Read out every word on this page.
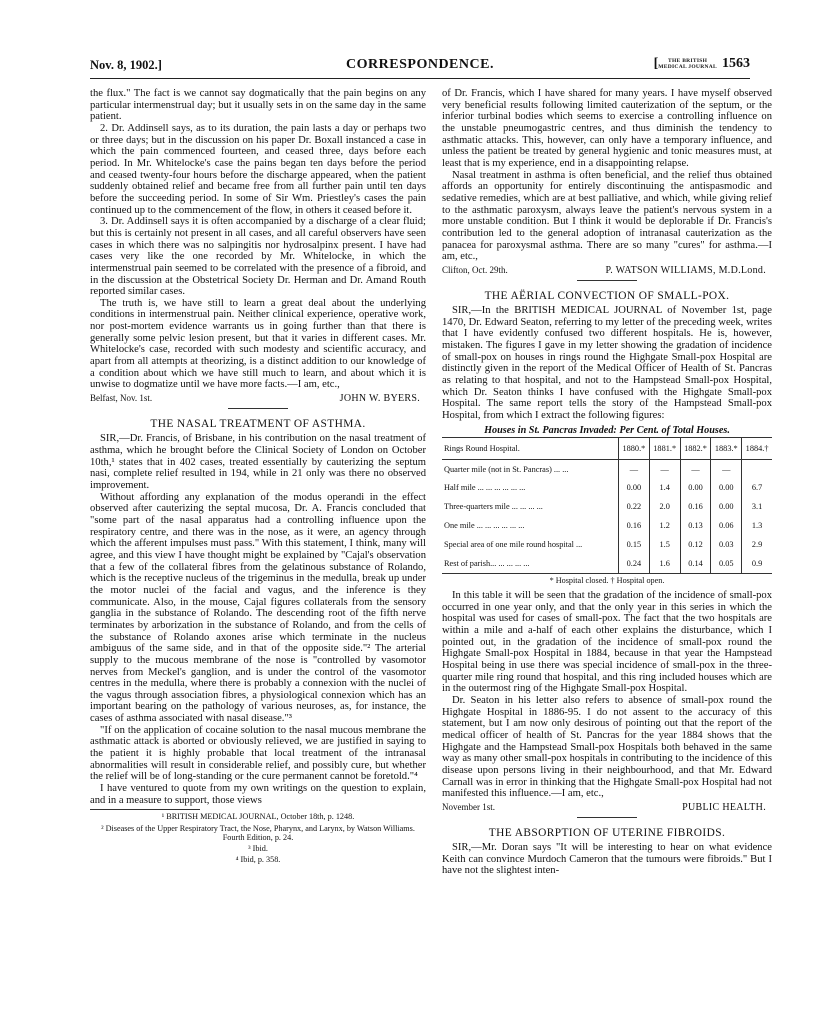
Nov. 8, 1902.]	CORRESPONDENCE.	[ THE BRITISH
MEDICAL JOURNAL 1563

the flux." The fact is we cannot say dogmatically that the pain begins on any particular intermenstrual day; but it usually sets in on the same day in the same patient.

2. Dr. Addinsell says, as to its duration, the pain lasts a day or perhaps two or three days; but in the discussion on his paper Dr. Boxall instanced a case in which the pain commenced fourteen, and ceased three, days before each period. In Mr. Whitelocke's case the pains began ten days before the period and ceased twenty-four hours before the discharge appeared, when the patient suddenly obtained relief and became free from all further pain until ten days before the succeeding period. In some of Sir Wm. Priestley's cases the pain continued up to the commencement of the flow, in others it ceased before it.

3. Dr. Addinsell says it is often accompanied by a discharge of a clear fluid; but this is certainly not present in all cases, and all careful observers have seen cases in which there was no salpingitis nor hydrosalpinx present. I have had cases very like the one recorded by Mr. Whitelocke, in which the intermenstrual pain seemed to be correlated with the presence of a fibroid, and in the discussion at the Obstetrical Society Dr. Herman and Dr. Amand Routh reported similar cases.

The truth is, we have still to learn a great deal about the underlying conditions in intermenstrual pain. Neither clinical experience, operative work, nor post-mortem evidence warrants us in going further than that there is generally some pelvic lesion present, but that it varies in different cases. Mr. Whitelocke's case, recorded with such modesty and scientific accuracy, and apart from all attempts at theorizing, is a distinct addition to our knowledge of a condition about which we have still much to learn, and about which it is unwise to dogmatize until we have more facts.—I am, etc.,

Belfast, Nov. 1st.	JOHN W. BYERS.
THE NASAL TREATMENT OF ASTHMA.

SIR,—Dr. Francis, of Brisbane, in his contribution on the nasal treatment of asthma, which he brought before the Clinical Society of London on October 10th,¹ states that in 402 cases, treated essentially by cauterizing the septum nasi, complete relief resulted in 194, while in 21 only was there no observed improvement.

Without affording any explanation of the modus operandi in the effect observed after cauterizing the septal mucosa, Dr. A. Francis concluded that "some part of the nasal apparatus had a controlling influence upon the respiratory centre, and there was in the nose, as it were, an agency through which the afferent impulses must pass." With this statement, I think, many will agree, and this view I have thought might be explained by "Cajal's observation that a few of the collateral fibres from the gelatinous substance of Rolando, which is the receptive nucleus of the trigeminus in the medulla, break up under the motor nuclei of the facial and vagus, and the inference is they communicate. Also, in the mouse, Cajal figures collaterals from the sensory ganglia in the substance of Rolando. The descending root of the fifth nerve terminates by arborization in the substance of Rolando, and from the cells of the substance of Rolando axones arise which terminate in the nucleus ambiguus of the same side, and in that of the opposite side."² The arterial supply to the mucous membrane of the nose is "controlled by vasomotor nerves from Meckel's ganglion, and is under the control of the vasomotor centres in the medulla, where there is probably a connexion with the nuclei of the vagus through association fibres, a physiological connexion which has an important bearing on the pathology of various neuroses, as, for instance, the cases of asthma associated with nasal disease."³

"If on the application of cocaine solution to the nasal mucous membrane the asthmatic attack is aborted or obviously relieved, we are justified in saying to the patient it is highly probable that local treatment of the intranasal abnormalities will result in considerable relief, and possibly cure, but whether the relief will be of long-standing or the cure permanent cannot be foretold."⁴

I have ventured to quote from my own writings on the question to explain, and in a measure to support, those views

¹ BRITISH MEDICAL JOURNAL, October 18th, p. 1248.
² Diseases of the Upper Respiratory Tract, the Nose, Pharynx, and Larynx, by Watson Williams. Fourth Edition, p. 24.
³ Ibid.
⁴ Ibid, p. 358.

of Dr. Francis, which I have shared for many years. I have myself observed very beneficial results following limited cauterization of the septum, or the inferior turbinal bodies which seems to exercise a controlling influence on the unstable pneumogastric centres, and thus diminish the tendency to asthmatic attacks. This, however, can only have a temporary influence, and unless the patient be treated by general hygienic and tonic measures must, at least that is my experience, end in a disappointing relapse.

Nasal treatment in asthma is often beneficial, and the relief thus obtained affords an opportunity for entirely discontinuing the antispasmodic and sedative remedies, which are at best palliative, and which, while giving relief to the asthmatic paroxysm, always leave the patient's nervous system in a more unstable condition. But I think it would be deplorable if Dr. Francis's contribution led to the general adoption of intranasal cauterization as the panacea for paroxysmal asthma. There are so many "cures" for asthma.—I am, etc.,

Clifton, Oct. 29th.	P. WATSON WILLIAMS, M.D.Lond.
THE AËRIAL CONVECTION OF SMALL-POX.

SIR,—In the BRITISH MEDICAL JOURNAL of November 1st, page 1470, Dr. Edward Seaton, referring to my letter of the preceding week, writes that I have evidently confused two different hospitals. He is, however, mistaken. The figures I gave in my letter showing the gradation of incidence of small-pox on houses in rings round the Highgate Small-pox Hospital are distinctly given in the report of the Medical Officer of Health of St. Pancras as relating to that hospital, and not to the Hampstead Small-pox Hospital, which Dr. Seaton thinks I have confused with the Highgate Small-pox Hospital. The same report tells the story of the Hampstead Small-pox Hospital, from which I extract the following figures:

Houses in St. Pancras Invaded: Per Cent. of Total Houses.
Rings Round Hospital.	1880.*	1881.*	1882.*	1883.*	1884.†
Quarter mile (not in St. Pancras) ... ...	—	—	—	—	
Half mile ... ... ... ... ... ...	0.00	1.4	0.00	0.00	6.7
Three-quarters mile ... ... ... ...	0.22	2.0	0.16	0.00	3.1
One mile ... ... ... ... ... ...	0.16	1.2	0.13	0.06	1.3
Special area of one mile round hospital ...	0.15	1.5	0.12	0.03	2.9
Rest of parish... ... ... ... ...	0.24	1.6	0.14	0.05	0.9
* Hospital closed. † Hospital open.

In this table it will be seen that the gradation of the incidence of small-pox occurred in one year only, and that the only year in this series in which the hospital was used for cases of small-pox. The fact that the two hospitals are within a mile and a-half of each other explains the disturbance, which I pointed out, in the gradation of the incidence of small-pox round the Highgate Small-pox Hospital in 1884, because in that year the Hampstead Hospital being in use there was special incidence of small-pox in the three-quarter mile ring round that hospital, and this ring included houses which are in the outermost ring of the Highgate Small-pox Hospital.

Dr. Seaton in his letter also refers to absence of small-pox round the Highgate Hospital in 1886-95. I do not assent to the accuracy of this statement, but I am now only desirous of pointing out that the report of the medical officer of health of St. Pancras for the year 1884 shows that the Highgate and the Hampstead Small-pox Hospitals both behaved in the same way as many other small-pox hospitals in contributing to the incidence of this disease upon persons living in their neighbourhood, and that Mr. Edward Carnall was in error in thinking that the Highgate Small-pox Hospital had not manifested this influence.—I am, etc.,

November 1st.	PUBLIC HEALTH.
THE ABSORPTION OF UTERINE FIBROIDS.

SIR,—Mr. Doran says "It will be interesting to hear on what evidence Keith can convince Murdoch Cameron that the tumours were fibroids." But I have not the slightest inten-
